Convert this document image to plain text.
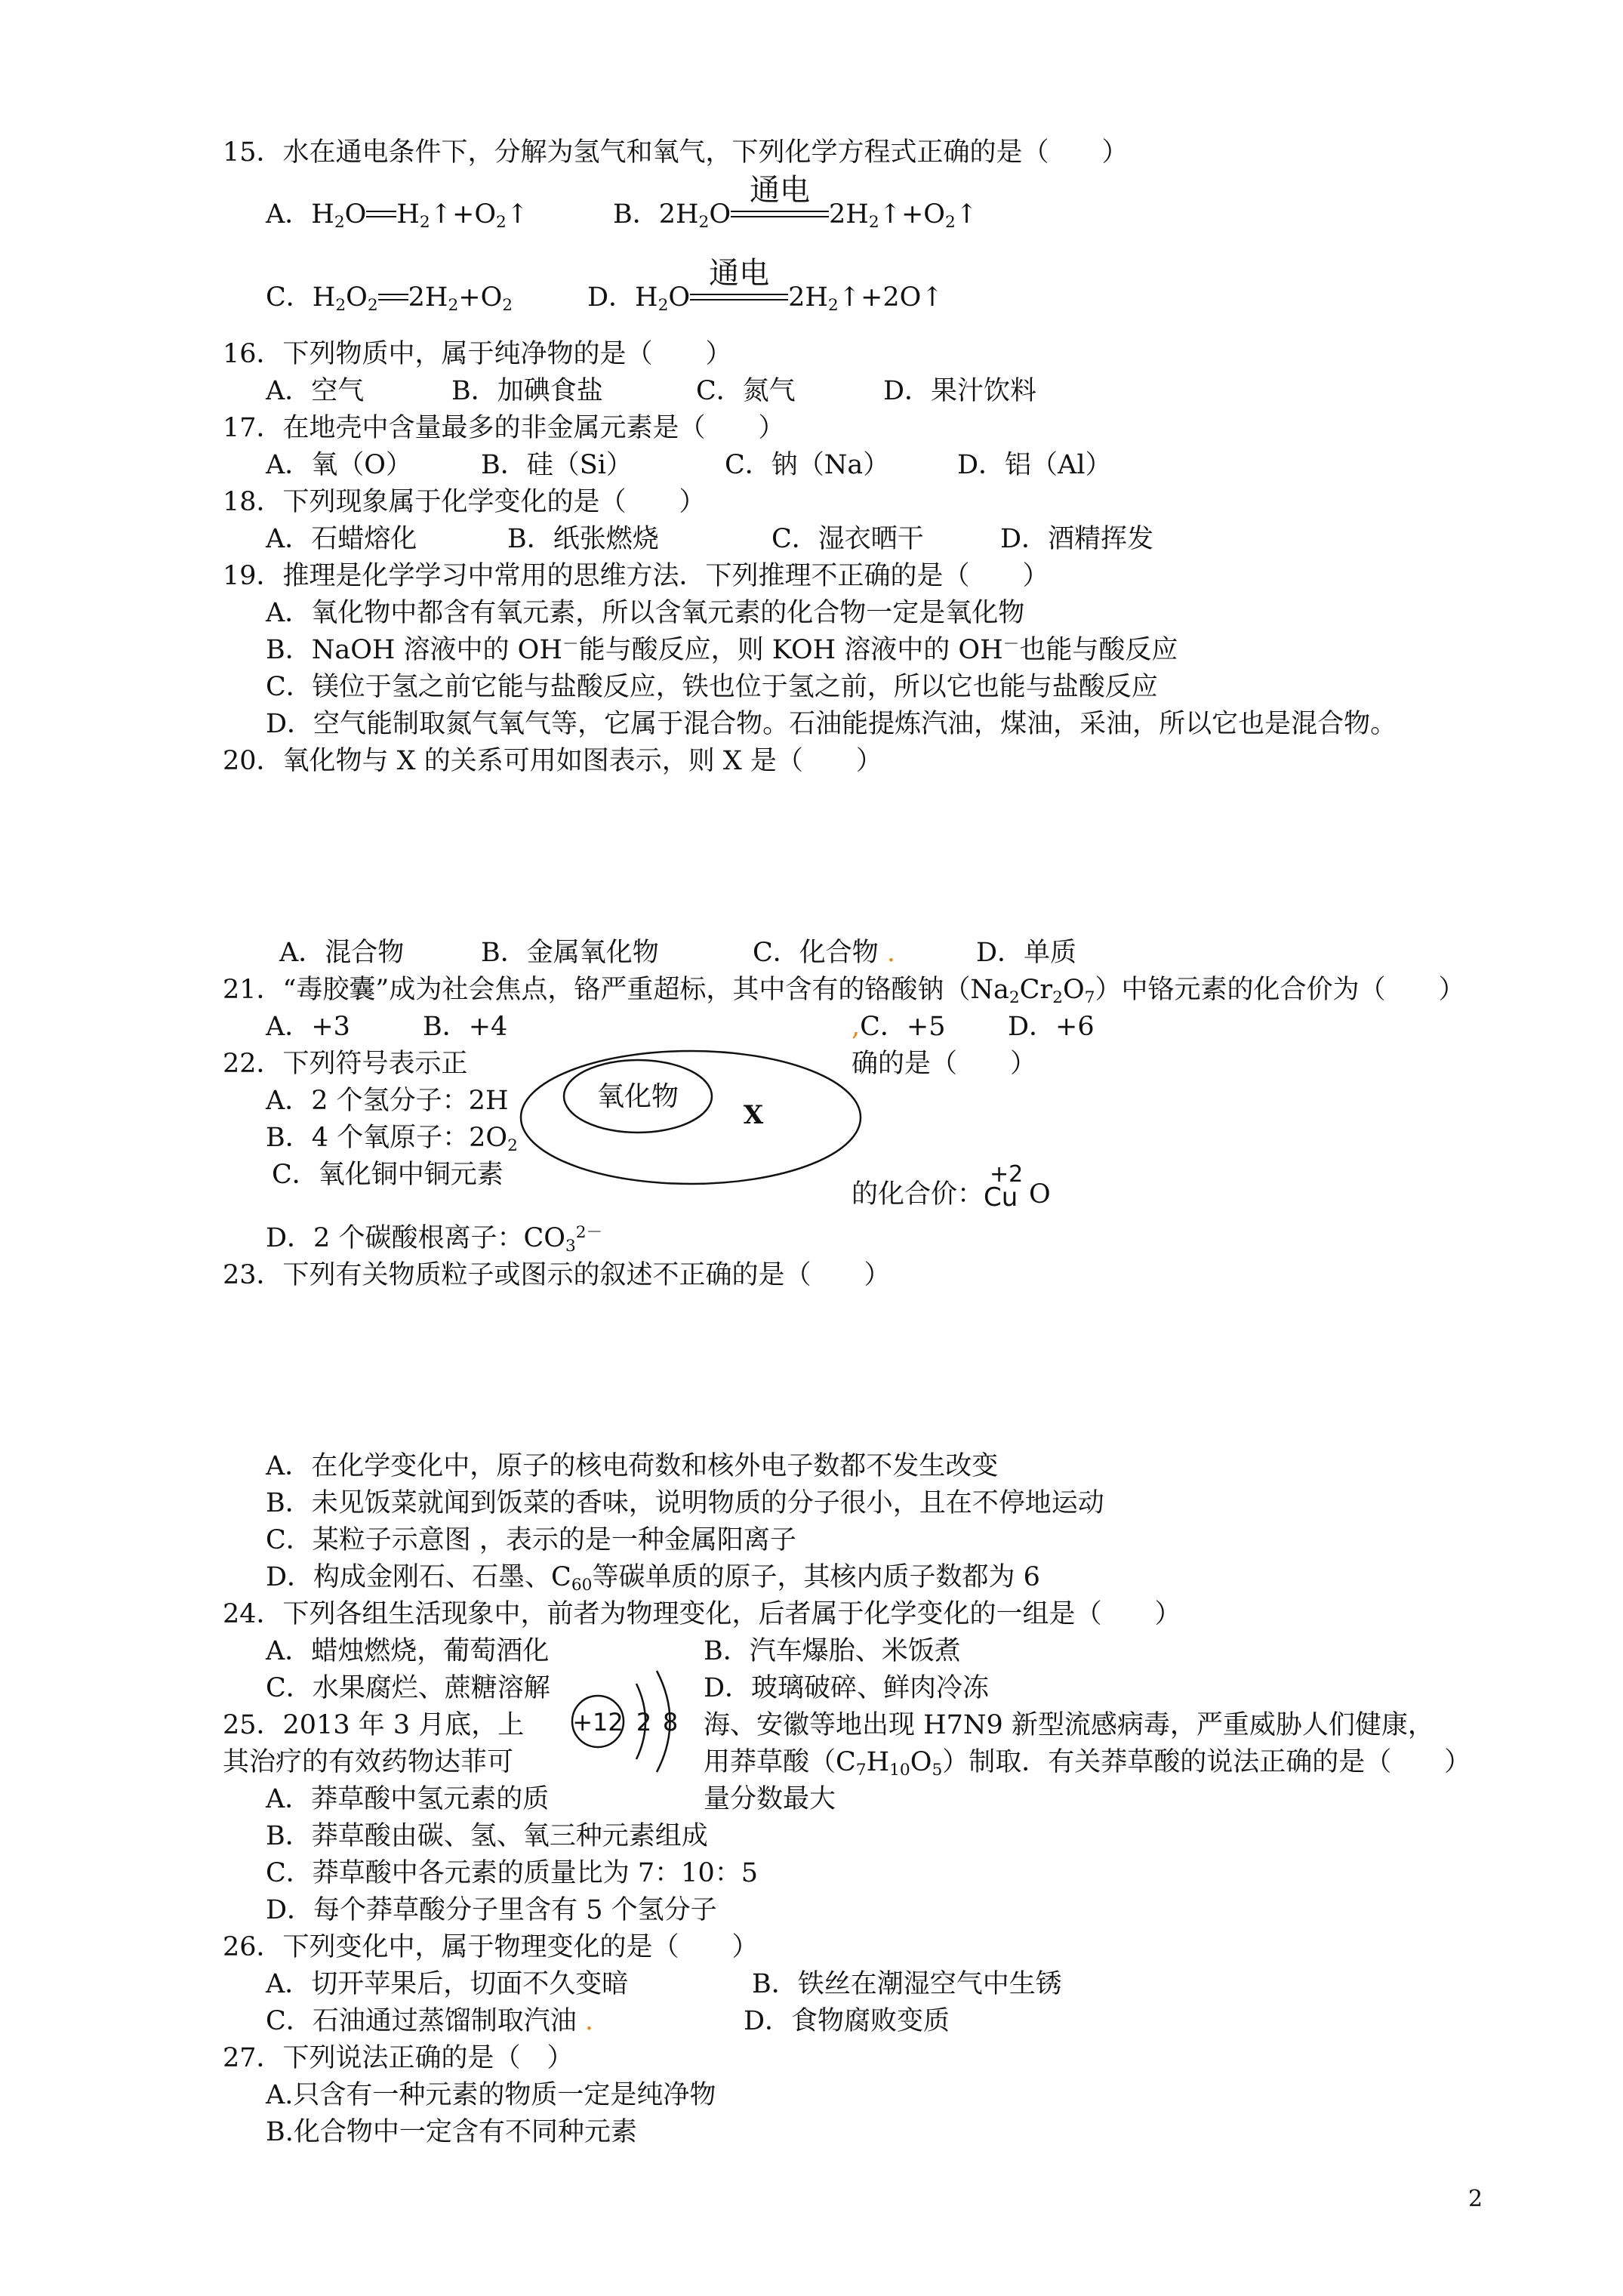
15．水在通电条件下，分解为氢气和氧气，下列化学方程式正确的是（　　）
A．$H_2O$ $H_2↑+O_2↑$	B．$2H_2O$
通电
$2H_2↑+O_2↑$
C．$H_2O_2$ $2H_2+O_2$	D．$H_2O$
通电
$2H_2↑+2O↑$
16．下列物质中，属于纯净物的是（　　）
A．空气	B．加碘食盐	C．氮气	D．果汁饮料
17．在地壳中含量最多的非金属元素是（　　）
A．氧（O）	B．硅（Si）	C．钠（Na）	D．铝（Al）
18．下列现象属于化学变化的是（　　）
A．石蜡熔化	B．纸张燃烧	C．湿衣晒干	D．酒精挥发
19．推理是化学学习中常用的思维方法．下列推理不正确的是（　　）
A．氧化物中都含有氧元素，所以含氧元素的化合物一定是氧化物
B．NaOH 溶液中的 OH－能与酸反应，则 KOH 溶液中的 OH－也能与酸反应
C．镁位于氢之前它能与盐酸反应，铁也位于氢之前，所以它也能与盐酸反应
D．空气能制取氮气氧气等，它属于混合物。石油能提炼汽油，煤油，采油，所以它也是混合物。
20．氧化物与 X 的关系可用如图表示，则 X 是（　　）
A．混合物	B．金属氧化物	C．化合物 .	D．单质
21．“毒胶囊”成为社会焦点，铬严重超标，其中含有的铬酸钠$(Na_2Cr_2O_7)$中铬元素的化合价为（　　）
A．+3	B．+4	,C．+5 D．+6
氧化物
X
22．下列符号表示正	确的是（　　）
A．2 个氢分子：2H
B．4 个氧原子：$2O_2$
C．氧化铜中铜元素
的化合价：
+2
Cu O
D．2 个碳酸根离子：$CO_3^{2-}$
23．下列有关物质粒子或图示的叙述不正确的是（　　）
A．在化学变化中，原子的核电荷数和核外电子数都不发生改变
B．未见饭菜就闻到饭菜的香味，说明物质的分子很小，且在不停地运动
C．某粒子示意图 ，表示的是一种金属阳离子
D．构成金刚石、石墨、$C_{60}$等碳单质的原子，其核内质子数都为 6
24．下列各组生活现象中，前者为物理变化，后者属于化学变化的一组是（　　）
A．蜡烛燃烧，葡萄酒化	B．汽车爆胎、米饭煮
C．水果腐烂、蔗糖溶解	D．玻璃破碎、鲜肉冷冻
+12 2 8
25．2013 年 3 月底，上	海、安徽等地出现 H7N9 新型流感病毒，严重威胁人们健康，
其治疗的有效药物达菲可	用莽草酸$(C_7H_{10}O_5)$制取．有关莽草酸的说法正确的是（　　）
A．莽草酸中氢元素的质	量分数最大
B．莽草酸由碳、氢、氧三种元素组成
C．莽草酸中各元素的质量比为 7：10：5
D．每个莽草酸分子里含有 5 个氢分子
26．下列变化中，属于物理变化的是（　　）
A．切开苹果后，切面不久变暗	B．铁丝在潮湿空气中生锈
C．石油通过蒸馏制取汽油 .	D．食物腐败变质
27．下列说法正确的是（　）
A.只含有一种元素的物质一定是纯净物
B.化合物中一定含有不同种元素
2
